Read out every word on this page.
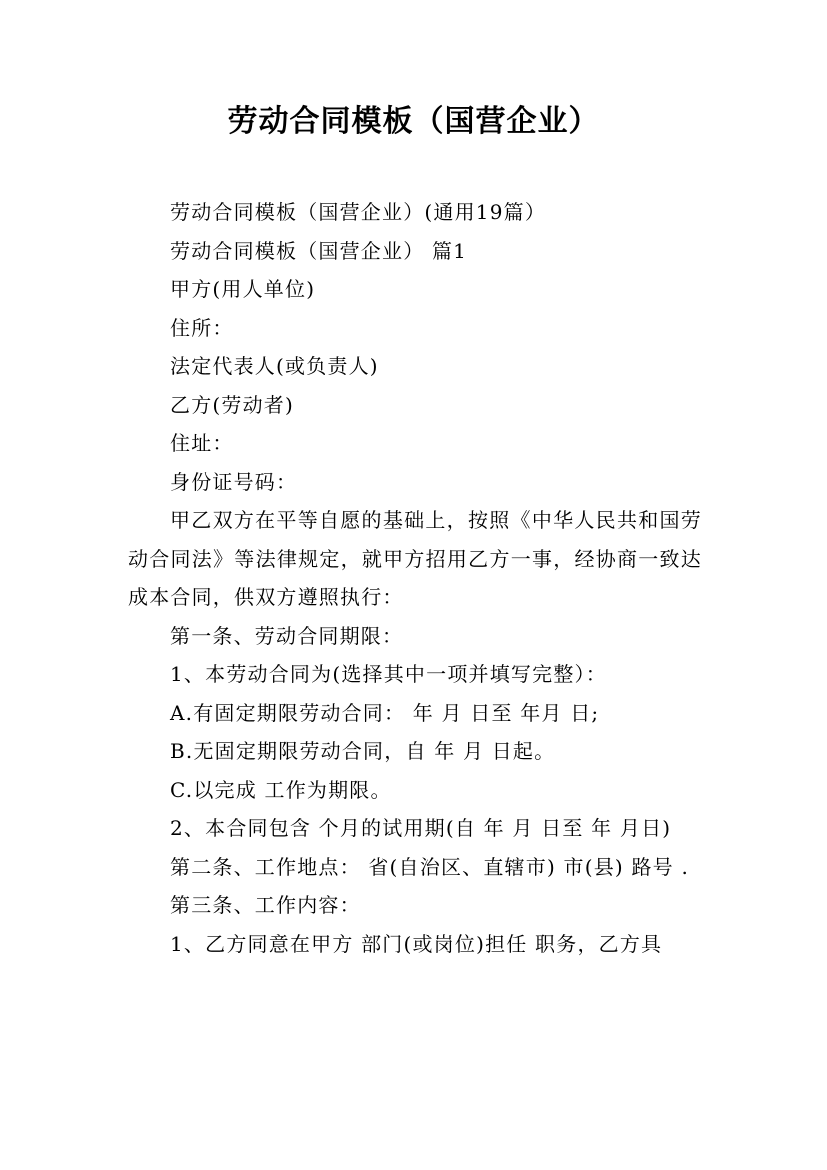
劳动合同模板（国营企业）

劳动合同模板（国营企业）(通用19篇）

劳动合同模板（国营企业） 篇1

甲方(用人单位)

住所：

法定代表人(或负责人)

乙方(劳动者)

住址：

身份证号码：

甲乙双方在平等自愿的基础上，按照《中华人民共和国劳动合同法》等法律规定，就甲方招用乙方一事，经协商一致达成本合同，供双方遵照执行：

第一条、劳动合同期限：

1、本劳动合同为(选择其中一项并填写完整）：

A.有固定期限劳动合同： 年 月 日至 年月 日;

B.无固定期限劳动合同，自 年 月 日起。

C.以完成 工作为期限。

2、本合同包含 个月的试用期(自 年 月 日至 年 月日)

第二条、工作地点： 省(自治区、直辖市) 市(县) 路号 .

第三条、工作内容：

1、乙方同意在甲方 部门(或岗位)担任 职务，乙方具
